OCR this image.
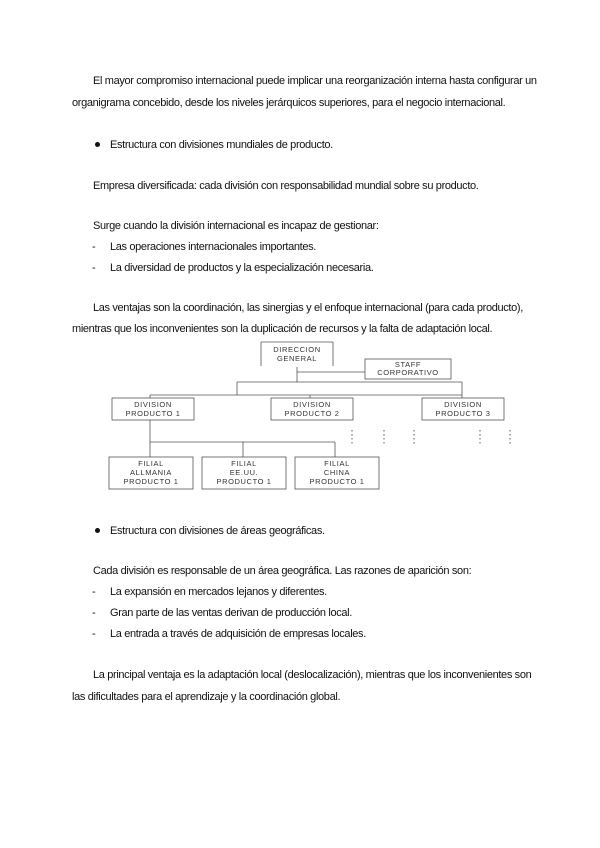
El mayor compromiso internacional puede implicar una reorganización interna hasta configurar un
organigrama concebido, desde los niveles jerárquicos superiores, para el negocio internacional.
Estructura con divisiones mundiales de producto.
Empresa diversificada: cada división con responsabilidad mundial sobre su producto.
Surge cuando la división internacional es incapaz de gestionar:
- Las operaciones internacionales importantes.
- La diversidad de productos y la especialización necesaria.
Las ventajas son la coordinación, las sinergias y el enfoque internacional (para cada producto),
mientras que los inconvenientes son la duplicación de recursos y la falta de adaptación local.
DIRECCION
GENERAL
STAFF
CORPORATIVO
DIVISION
PRODUCTO 1
DIVISION
PRODUCTO 2
DIVISION
PRODUCTO 3
FILIAL
ALLMANIA
PRODUCTO 1
FILIAL
EE.UU.
PRODUCTO 1
FILIAL
CHINA
PRODUCTO 1
Estructura con divisiones de áreas geográficas.
Cada división es responsable de un área geográfica. Las razones de aparición son:
- La expansión en mercados lejanos y diferentes.
- Gran parte de las ventas derivan de producción local.
- La entrada a través de adquisición de empresas locales.
La principal ventaja es la adaptación local (deslocalización), mientras que los inconvenientes son
las dificultades para el aprendizaje y la coordinación global.
